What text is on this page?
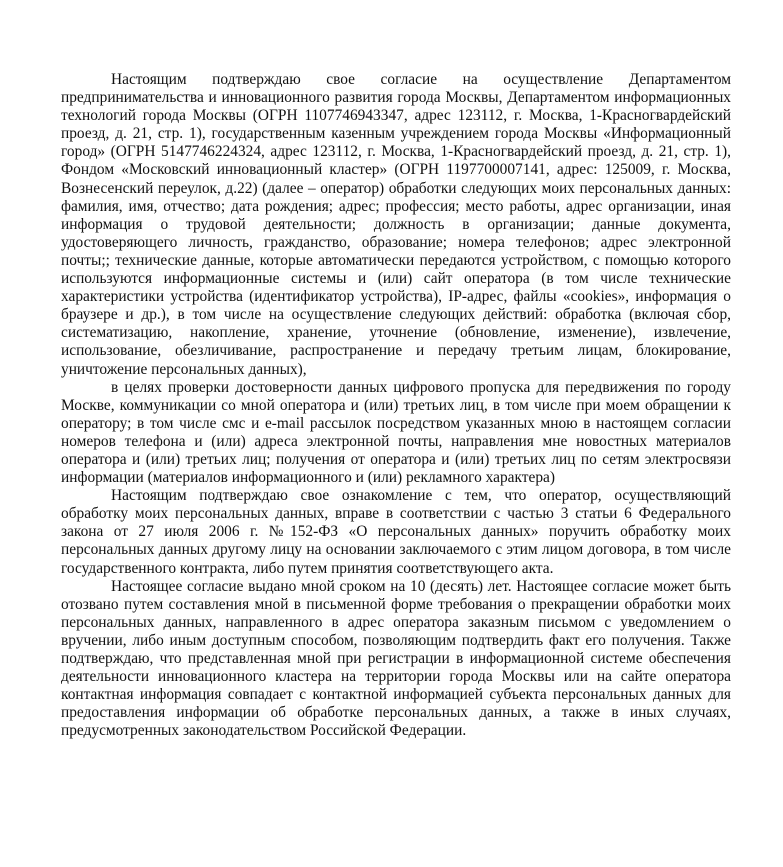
Настоящим подтверждаю свое согласие на осуществление Департаментом предпринимательства и инновационного развития города Москвы, Департаментом информационных технологий города Москвы (ОГРН 1107746943347, адрес 123112, г. Москва, 1-Красногвардейский проезд, д. 21, стр. 1), государственным казенным учреждением города Москвы «Информационный город» (ОГРН 5147746224324, адрес 123112, г. Москва, 1-Красногвардейский проезд, д. 21, стр. 1), Фондом «Московский инновационный кластер» (ОГРН 1197700007141, адрес: 125009, г. Москва, Вознесенский переулок, д.22) (далее – оператор) обработки следующих моих персональных данных: фамилия, имя, отчество; дата рождения; адрес; профессия; место работы, адрес организации, иная информация о трудовой деятельности; должность в организации; данные документа, удостоверяющего личность, гражданство, образование; номера телефонов; адрес электронной почты;; технические данные, которые автоматически передаются устройством, с помощью которого используются информационные системы и (или) сайт оператора (в том числе технические характеристики устройства (идентификатор устройства), IP-адрес, файлы «cookies», информация о браузере и др.), в том числе на осуществление следующих действий: обработка (включая сбор, систематизацию, накопление, хранение, уточнение (обновление, изменение), извлечение, использование, обезличивание, распространение и передачу третьим лицам, блокирование, уничтожение персональных данных),

в целях проверки достоверности данных цифрового пропуска для передвижения по городу Москве, коммуникации со мной оператора и (или) третьих лиц, в том числе при моем обращении к оператору; в том числе смс и e-mail рассылок посредством указанных мною в настоящем согласии номеров телефона и (или) адреса электронной почты, направления мне новостных материалов оператора и (или) третьих лиц; получения от оператора и (или) третьих лиц по сетям электросвязи информации (материалов информационного и (или) рекламного характера)

Настоящим подтверждаю свое ознакомление с тем, что оператор, осуществляющий обработку моих персональных данных, вправе в соответствии с частью 3 статьи 6 Федерального закона от 27 июля 2006 г. №152-ФЗ «О персональных данных» поручить обработку моих персональных данных другому лицу на основании заключаемого с этим лицом договора, в том числе государственного контракта, либо путем принятия соответствующего акта.

Настоящее согласие выдано мной сроком на 10 (десять) лет. Настоящее согласие может быть отозвано путем составления мной в письменной форме требования о прекращении обработки моих персональных данных, направленного в адрес оператора заказным письмом с уведомлением о вручении, либо иным доступным способом, позволяющим подтвердить факт его получения. Также подтверждаю, что представленная мной при регистрации в информационной системе обеспечения деятельности инновационного кластера на территории города Москвы или на сайте оператора контактная информация совпадает с контактной информацией субъекта персональных данных для предоставления информации об обработке персональных данных, а также в иных случаях, предусмотренных законодательством Российской Федерации.
